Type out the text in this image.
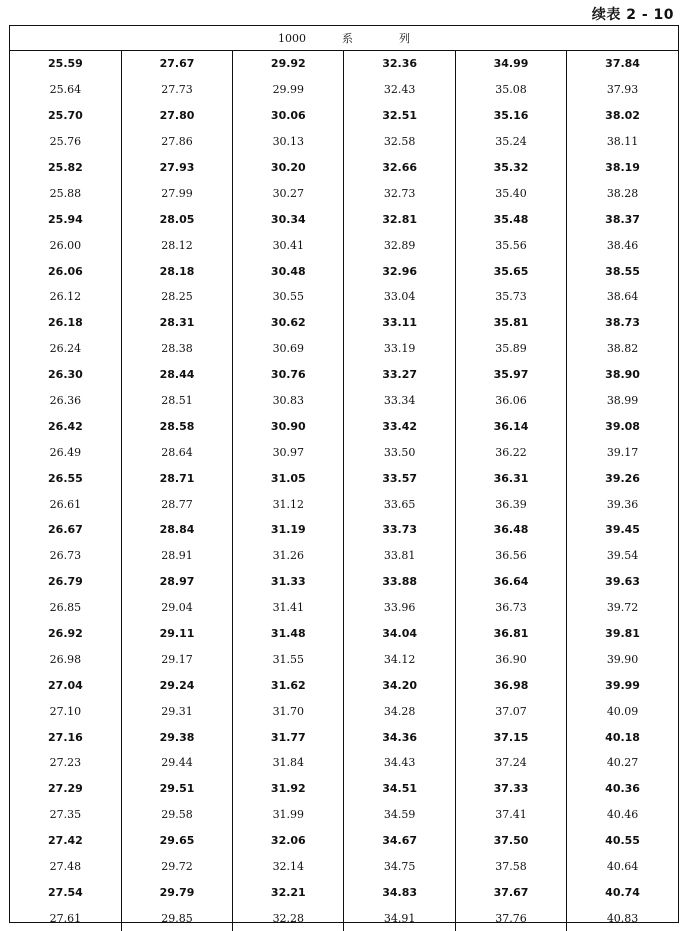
续表 2 - 10
1000 系 列					
25.59	27.67	29.92	32.36	34.99	37.84
25.64	27.73	29.99	32.43	35.08	37.93
25.70	27.80	30.06	32.51	35.16	38.02
25.76	27.86	30.13	32.58	35.24	38.11
25.82	27.93	30.20	32.66	35.32	38.19
25.88	27.99	30.27	32.73	35.40	38.28
25.94	28.05	30.34	32.81	35.48	38.37
26.00	28.12	30.41	32.89	35.56	38.46
26.06	28.18	30.48	32.96	35.65	38.55
26.12	28.25	30.55	33.04	35.73	38.64
26.18	28.31	30.62	33.11	35.81	38.73
26.24	28.38	30.69	33.19	35.89	38.82
26.30	28.44	30.76	33.27	35.97	38.90
26.36	28.51	30.83	33.34	36.06	38.99
26.42	28.58	30.90	33.42	36.14	39.08
26.49	28.64	30.97	33.50	36.22	39.17
26.55	28.71	31.05	33.57	36.31	39.26
26.61	28.77	31.12	33.65	36.39	39.36
26.67	28.84	31.19	33.73	36.48	39.45
26.73	28.91	31.26	33.81	36.56	39.54
26.79	28.97	31.33	33.88	36.64	39.63
26.85	29.04	31.41	33.96	36.73	39.72
26.92	29.11	31.48	34.04	36.81	39.81
26.98	29.17	31.55	34.12	36.90	39.90
27.04	29.24	31.62	34.20	36.98	39.99
27.10	29.31	31.70	34.28	37.07	40.09
27.16	29.38	31.77	34.36	37.15	40.18
27.23	29.44	31.84	34.43	37.24	40.27
27.29	29.51	31.92	34.51	37.33	40.36
27.35	29.58	31.99	34.59	37.41	40.46
27.42	29.65	32.06	34.67	37.50	40.55
27.48	29.72	32.14	34.75	37.58	40.64
27.54	29.79	32.21	34.83	37.67	40.74
27.61	29.85	32.28	34.91	37.76	40.83
